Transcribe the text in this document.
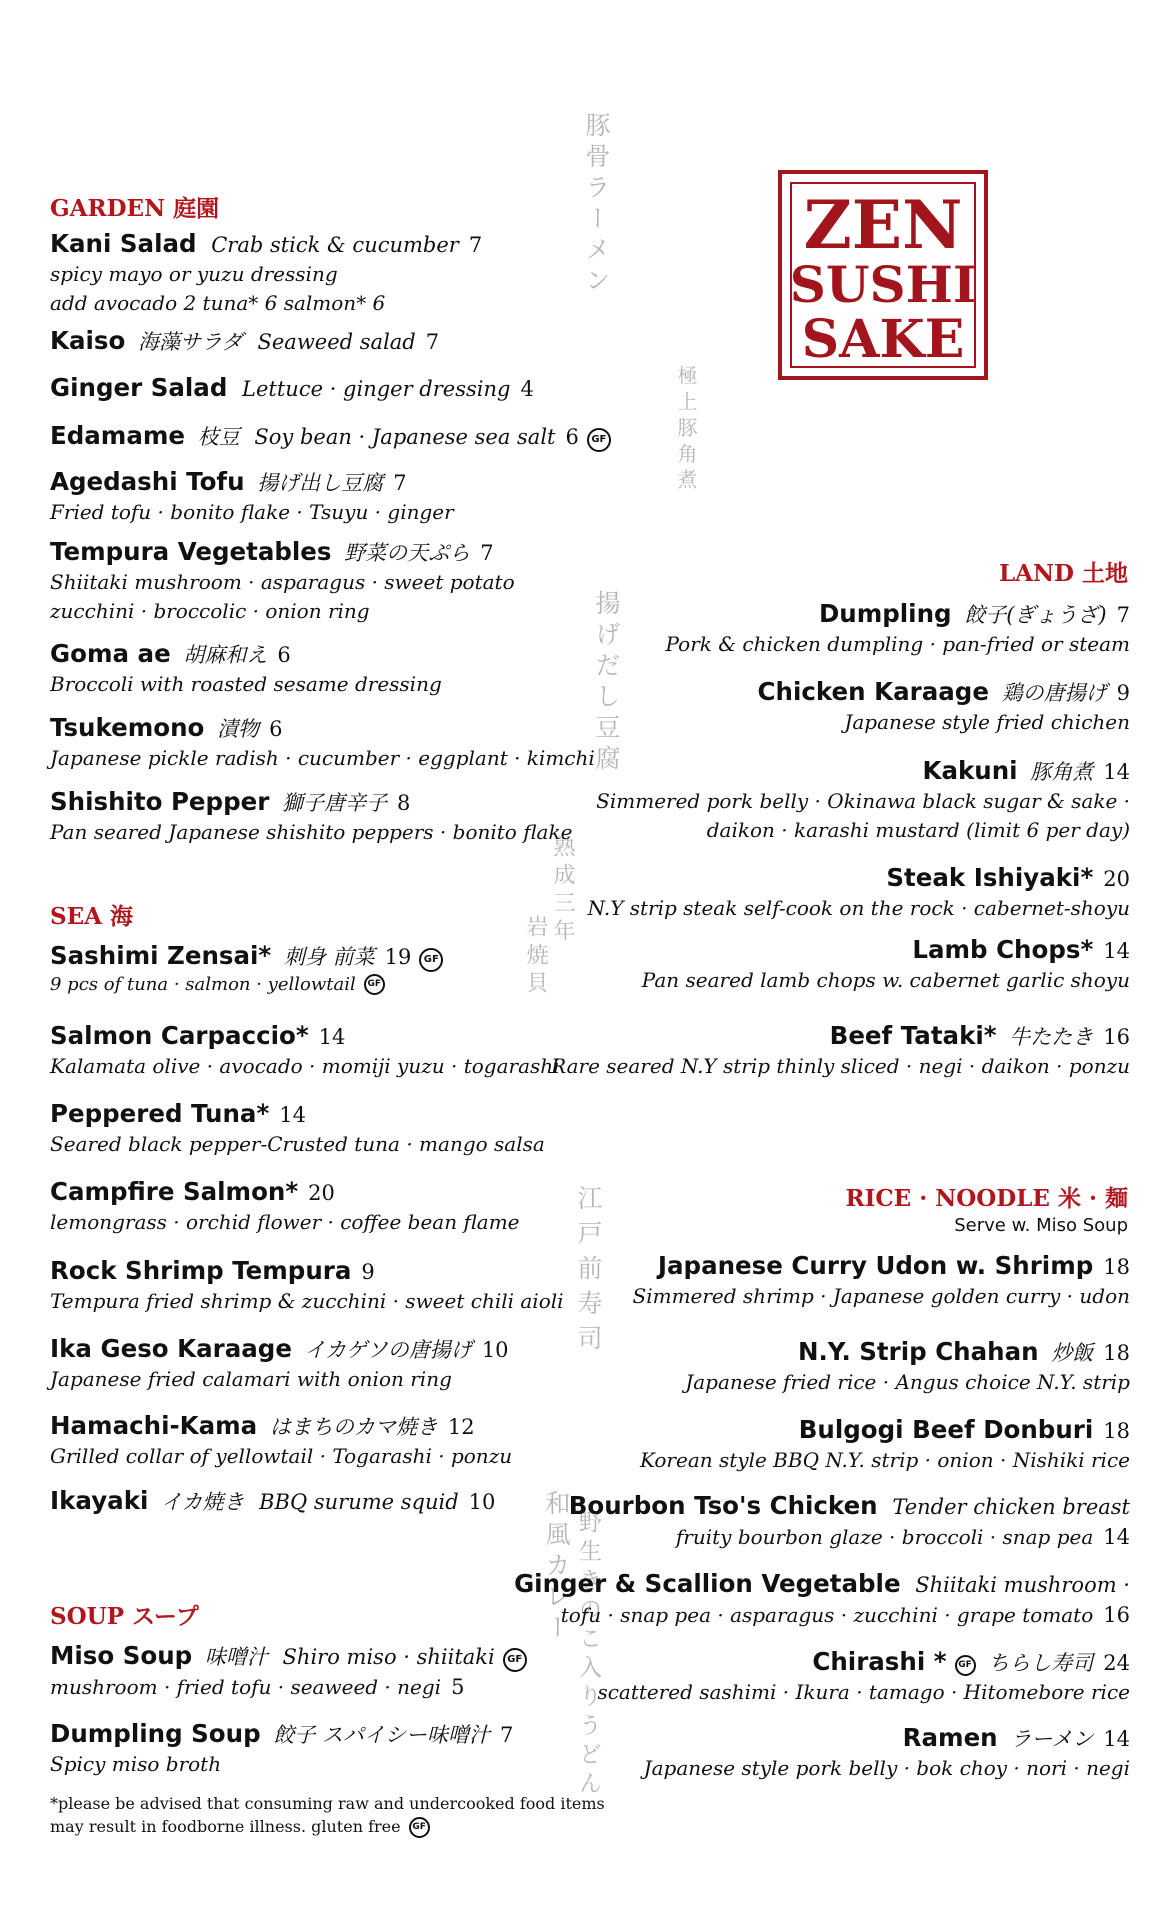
豚骨ラーメン
極上豚角煮
揚げだし豆腐
熟成三年
岩焼貝
江戸前寿司
和風カレー 野生きのこ入りうどん
ZEN
SUSHI
SAKE
GARDEN 庭園
SEA 海
SOUP スープ
LAND 土地
RICE · NOODLE 米 · 麺
Serve w. Miso Soup
Kani Salad Crab stick & cucumber 7
spicy mayo or yuzu dressing
add avocado 2 tuna* 6 salmon* 6
Kaiso 海藻サラダ Seaweed salad 7
Ginger Salad Lettuce · ginger dressing 4
Edamame 枝豆 Soy bean · Japanese sea salt 6 GF
Agedashi Tofu 揚げ出し豆腐 7
Fried tofu · bonito flake · Tsuyu · ginger
Tempura Vegetables 野菜の天ぷら 7
Shiitaki mushroom · asparagus · sweet potato
zucchini · broccolic · onion ring
Goma ae 胡麻和え 6
Broccoli with roasted sesame dressing
Tsukemono 漬物 6
Japanese pickle radish · cucumber · eggplant · kimchi
Shishito Pepper 獅子唐辛子 8
Pan seared Japanese shishito peppers · bonito flake
Sashimi Zensai* 刺身 前菜 19 GF
9 pcs of tuna · salmon · yellowtail GF
Salmon Carpaccio* 14
Kalamata olive · avocado · momiji yuzu · togarashi
Peppered Tuna* 14
Seared black pepper-Crusted tuna · mango salsa
Campfire Salmon* 20
lemongrass · orchid flower · coffee bean flame
Rock Shrimp Tempura 9
Tempura fried shrimp & zucchini · sweet chili aioli
Ika Geso Karaage イカゲソの唐揚げ 10
Japanese fried calamari with onion ring
Hamachi-Kama はまちのカマ焼き 12
Grilled collar of yellowtail · Togarashi · ponzu
Ikayaki イカ焼き BBQ surume squid 10
Miso Soup 味噌汁 Shiro miso · shiitaki GF
mushroom · fried tofu · seaweed · negi 5
Dumpling Soup 餃子 スパイシー味噌汁 7
Spicy miso broth
Dumpling 餃子(ぎょうざ) 7
Pork & chicken dumpling · pan-fried or steam
Chicken Karaage 鶏の唐揚げ 9
Japanese style fried chichen
Kakuni 豚角煮 14
Simmered pork belly · Okinawa black sugar & sake ·
daikon · karashi mustard (limit 6 per day)
Steak Ishiyaki* 20
N.Y strip steak self-cook on the rock · cabernet-shoyu
Lamb Chops* 14
Pan seared lamb chops w. cabernet garlic shoyu
Beef Tataki* 牛たたき 16
Rare seared N.Y strip thinly sliced · negi · daikon · ponzu
Japanese Curry Udon w. Shrimp 18
Simmered shrimp · Japanese golden curry · udon
N.Y. Strip Chahan 炒飯 18
Japanese fried rice · Angus choice N.Y. strip
Bulgogi Beef Donburi 18
Korean style BBQ N.Y. strip · onion · Nishiki rice
Bourbon Tso's Chicken Tender chicken breast
fruity bourbon glaze · broccoli · snap pea 14
Ginger & Scallion Vegetable Shiitaki mushroom ·
tofu · snap pea · asparagus · zucchini · grape tomato 16
Chirashi * GF ちらし寿司 24
scattered sashimi · Ikura · tamago · Hitomebore rice
Ramen ラーメン 14
Japanese style pork belly · bok choy · nori · negi
*please be advised that consuming raw and undercooked food items
may result in foodborne illness. gluten free GF
